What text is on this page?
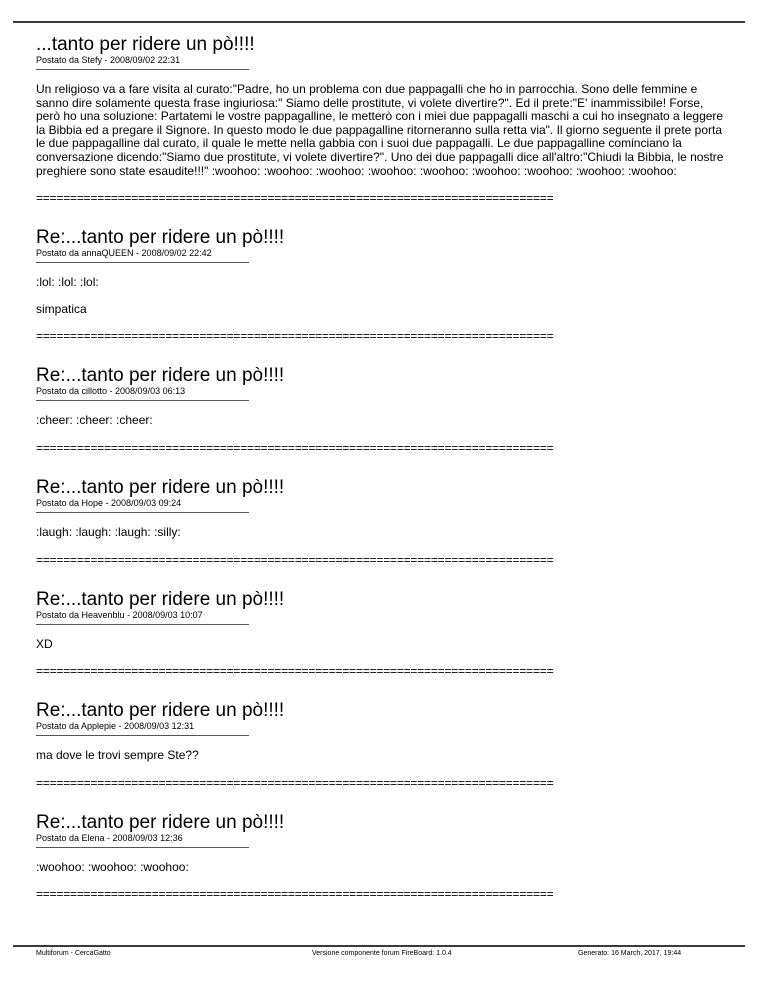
...tanto per ridere un pò!!!!
Postato da Stefy - 2008/09/02 22:31

Un religioso va a fare visita al curato:"Padre, ho un problema con due pappagalli che ho in parrocchia. Sono delle femmine e sanno dire solamente questa frase ingiuriosa:" Siamo delle prostitute, vi volete divertire?". Ed il prete:"E' inammissibile! Forse, però ho una soluzione: Partatemi le vostre pappagalline, le metterò con i miei due pappagalli maschi a cui ho insegnato a leggere la Bibbia ed a pregare il Signore. In questo modo le due pappagalline ritorneranno sulla retta via". Il giorno seguente il prete porta le due pappagalline dal curato, il quale le mette nella gabbia con i suoi due pappagalli. Le due pappagalline cominciano la conversazione dicendo:"Siamo due prostitute, vi volete divertire?". Uno dei due pappagalli dice all'altro:"Chiudi la Bibbia, le nostre preghiere sono state esaudite!!!" :woohoo: :woohoo: :woohoo: :woohoo: :woohoo: :woohoo: :woohoo: :woohoo: :woohoo:

============================================================================
Re:...tanto per ridere un pò!!!!
Postato da annaQUEEN - 2008/09/02 22:42

:lol: :lol: :lol:

simpatica

============================================================================
Re:...tanto per ridere un pò!!!!
Postato da cillotto - 2008/09/03 06:13

:cheer: :cheer: :cheer:

============================================================================
Re:...tanto per ridere un pò!!!!
Postato da Hope - 2008/09/03 09:24

:laugh: :laugh: :laugh: :silly:

============================================================================
Re:...tanto per ridere un pò!!!!
Postato da Heavenblu - 2008/09/03 10:07

XD

============================================================================
Re:...tanto per ridere un pò!!!!
Postato da Applepie - 2008/09/03 12:31

ma dove le trovi sempre Ste??

============================================================================
Re:...tanto per ridere un pò!!!!
Postato da Elena - 2008/09/03 12:36

:woohoo: :woohoo: :woohoo:

============================================================================
Multiforum - CercaGatto	Versione componente forum FireBoard: 1.0.4	Generato: 16 March, 2017, 19:44
